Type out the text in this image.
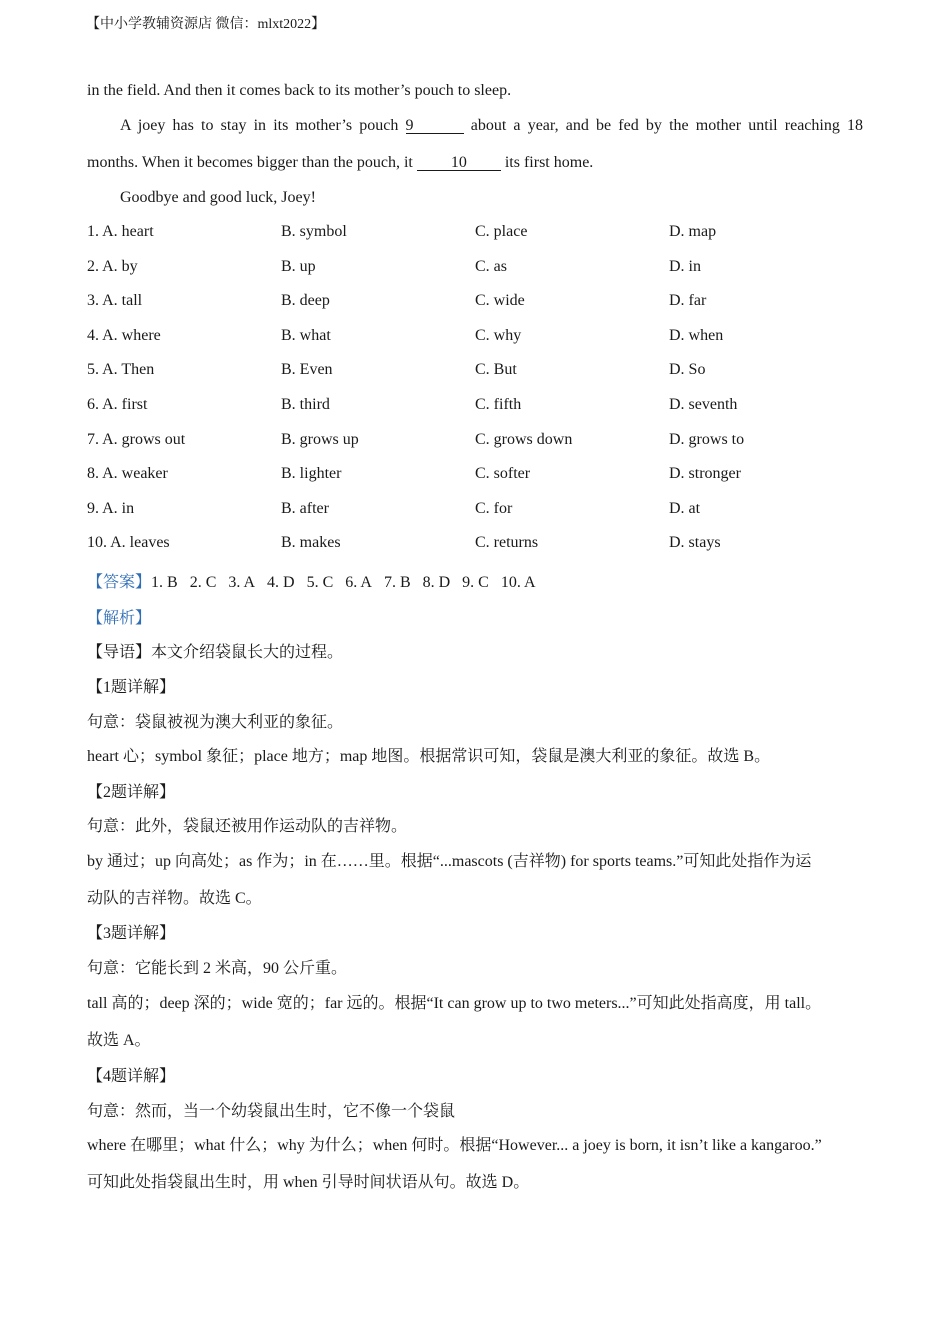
【中小学教辅资源店 微信：mlxt2022】
in the field. And then it comes back to its mother’s pouch to sleep.
A joey has to stay in its mother’s pouch 9	about a year, and be fed by the mother until reaching 18
months. When it becomes bigger than the pouch, it 10 its first home.
Goodbye and good luck, Joey!
1. A. heart	B. symbol	C. place	D. map
2. A. by	B. up	C. as	D. in
3. A. tall	B. deep	C. wide	D. far
4. A. where	B. what	C. why	D. when
5. A. Then	B. Even	C. But	D. So
6. A. first	B. third	C. fifth	D. seventh
7. A. grows out	B. grows up	C. grows down	D. grows to
8. A. weaker	B. lighter	C. softer	D. stronger
9. A. in	B. after	C. for	D. at
10. A. leaves	B. makes	C. returns	D. stays
【答案】1. B 2. C 3. A 4. D 5. C 6. A 7. B 8. D 9. C 10. A
【解析】
【导语】本文介绍袋鼠长大的过程。
【1题详解】
句意：袋鼠被视为澳大利亚的象征。
heart 心；symbol 象征；place 地方；map 地图。根据常识可知，袋鼠是澳大利亚的象征。故选 B。
【2题详解】
句意：此外，袋鼠还被用作运动队的吉祥物。
by 通过；up 向高处；as 作为；in 在……里。根据“...mascots (吉祥物) for sports teams.”可知此处指作为运
动队的吉祥物。故选 C。
【3题详解】
句意：它能长到 2 米高，90 公斤重。
tall 高的；deep 深的；wide 宽的；far 远的。根据“It can grow up to two meters...”可知此处指高度，用 tall。
故选 A。
【4题详解】
句意：然而，当一个幼袋鼠出生时，它不像一个袋鼠
where 在哪里；what 什么；why 为什么；when 何时。根据“However... a joey is born, it isn’t like a kangaroo.”
可知此处指袋鼠出生时，用 when 引导时间状语从句。故选 D。
